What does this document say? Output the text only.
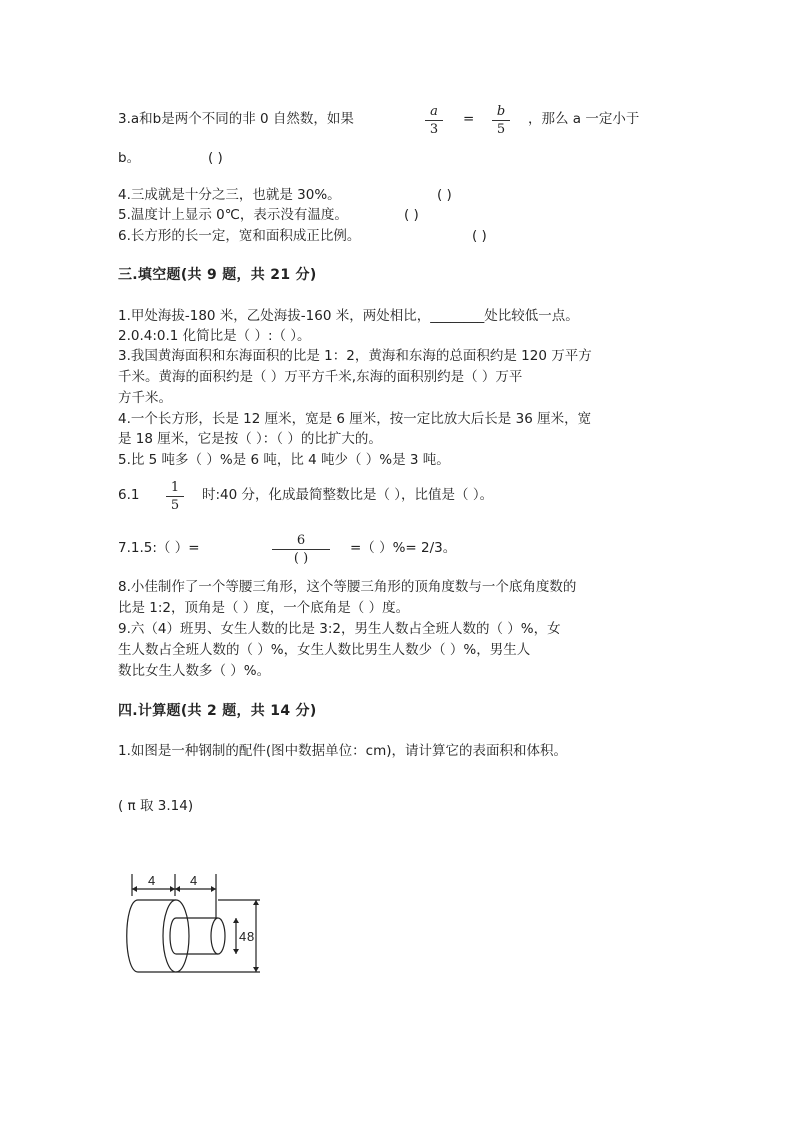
3.a和b是两个不同的非 0 自然数，如果	a
3
=	b
5
，那么 a 一定小于
b。	( )
4.三成就是十分之三，也就是 30%。	( )
5.温度计上显示 0℃，表示没有温度。	( )
6.长方形的长一定，宽和面积成正比例。	( )
三.填空题(共 9 题，共 21 分)
1.甲处海拔-180 米，乙处海拔-160 米，两处相比，________处比较低一点。
2.0.4:0.1 化简比是（ ）:（ ）。
3.我国黄海面积和东海面积的比是 1：2，黄海和东海的总面积约是 120 万平方
千米。黄海的面积约是（ ）万平方千米,东海的面积别约是（ ）万平
方千米。
4.一个长方形，长是 12 厘米，宽是 6 厘米，按一定比放大后长是 36 厘米，宽
是 18 厘米，它是按（ ）：（ ）的比扩大的。
5.比 5 吨多（ ）%是 6 吨，比 4 吨少（ ）%是 3 吨。
6.1	1
5
时:40 分，化成最简整数比是（ ），比值是（ ）。
7.1.5:（ ）=	6
( )
=（ ）%= 2/3。
8.小佳制作了一个等腰三角形，这个等腰三角形的顶角度数与一个底角度数的
比是 1:2，顶角是（ ）度，一个底角是（ ）度。
9.六（4）班男、女生人数的比是 3:2，男生人数占全班人数的（ ）%，女
生人数占全班人数的（ ）%，女生人数比男生人数少（ ）%，男生人
数比女生人数多（ ）%。
四.计算题(共 2 题，共 14 分)
1.如图是一种钢制的配件(图中数据单位：cm)，请计算它的表面积和体积。
( π 取 3.14)
4	4
4 8
